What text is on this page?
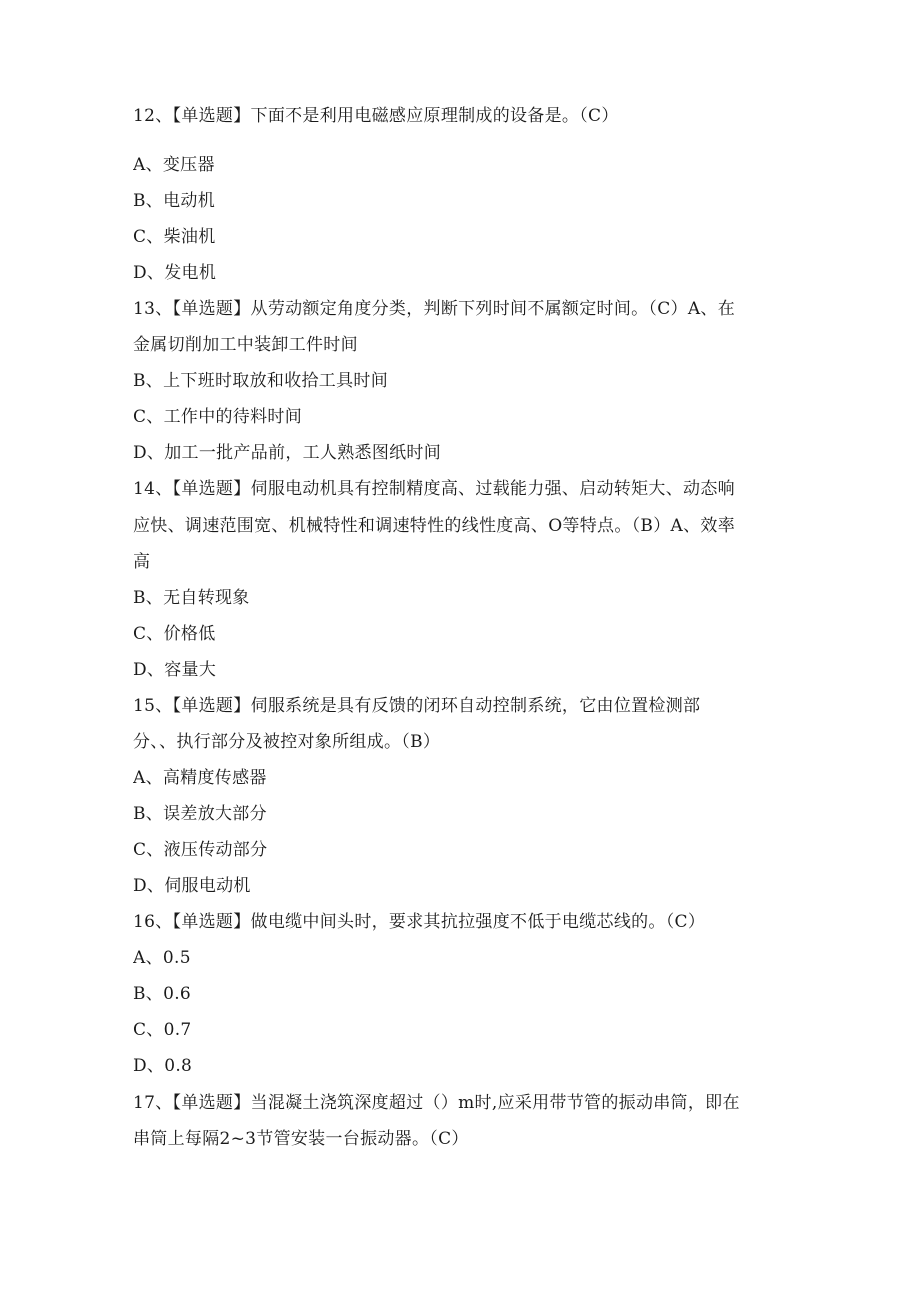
12、【单选题】下面不是利用电磁感应原理制成的设备是。（C）
A、变压器
B、电动机
C、柴油机
D、发电机
13、【单选题】从劳动额定角度分类，判断下列时间不属额定时间。（C）A、在
金属切削加工中装卸工件时间
B、上下班时取放和收拾工具时间
C、工作中的待料时间
D、加工一批产品前，工人熟悉图纸时间
14、【单选题】伺服电动机具有控制精度高、过载能力强、启动转矩大、动态响
应快、调速范围宽、机械特性和调速特性的线性度高、O等特点。（B）A、效率
高
B、无自转现象
C、价格低
D、容量大
15、【单选题】伺服系统是具有反馈的闭环自动控制系统，它由位置检测部
分、、执行部分及被控对象所组成。（B）
A、高精度传感器
B、误差放大部分
C、液压传动部分
D、伺服电动机
16、【单选题】做电缆中间头时，要求其抗拉强度不低于电缆芯线的。（C）
A、0.5
B、0.6
C、0.7
D、0.8
17、【单选题】当混凝土浇筑深度超过（）m时,应采用带节管的振动串筒，即在
串筒上每隔2~3节管安装一台振动器。（C）
